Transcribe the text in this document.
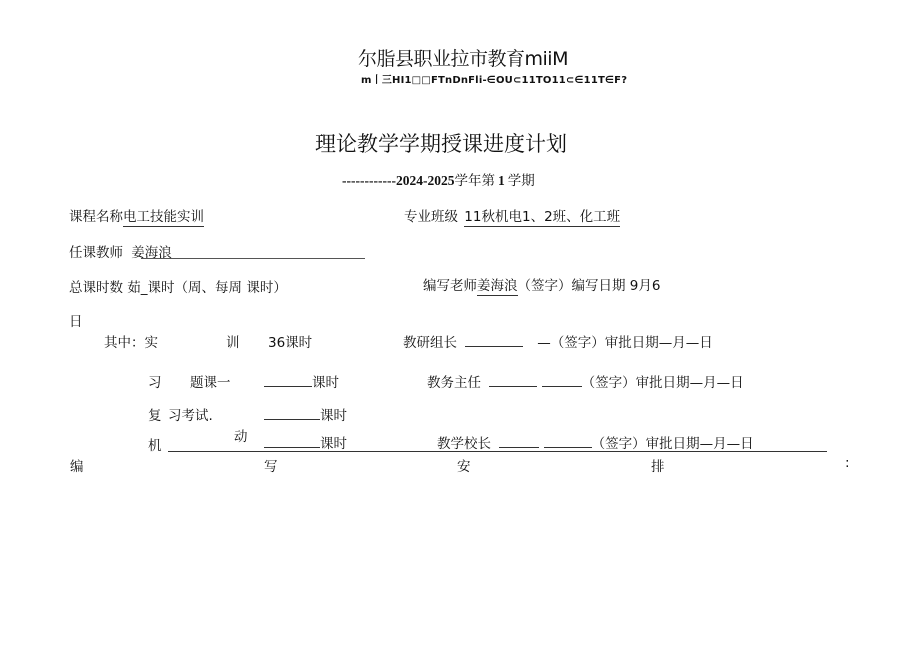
尔脂县职业拉市教育miiM
m丨三HI1□□FTnDnFli-∈OU⊂11TO11⊂∈11T∈F?
理论教学学期授课进度计划
------------2024-2025学年第 1 学期
课程名称电工技能实训	专业班级 11秋机电1、2班、化工班
任课教师 姜海浪
总课时数 茹_课时（周、每周 课时）	编写老师姜海浪（签字）编写日期 9月6
日
其中：实	训 36课时	教研组长	—（签字）审批日期—月—日
习 题课一	课时	教务主任	（签字）审批日期—月—日
复 习考试.	课时
机
动	课时	教学校长	（签字）审批日期—月—日
编	写	安	排	:
